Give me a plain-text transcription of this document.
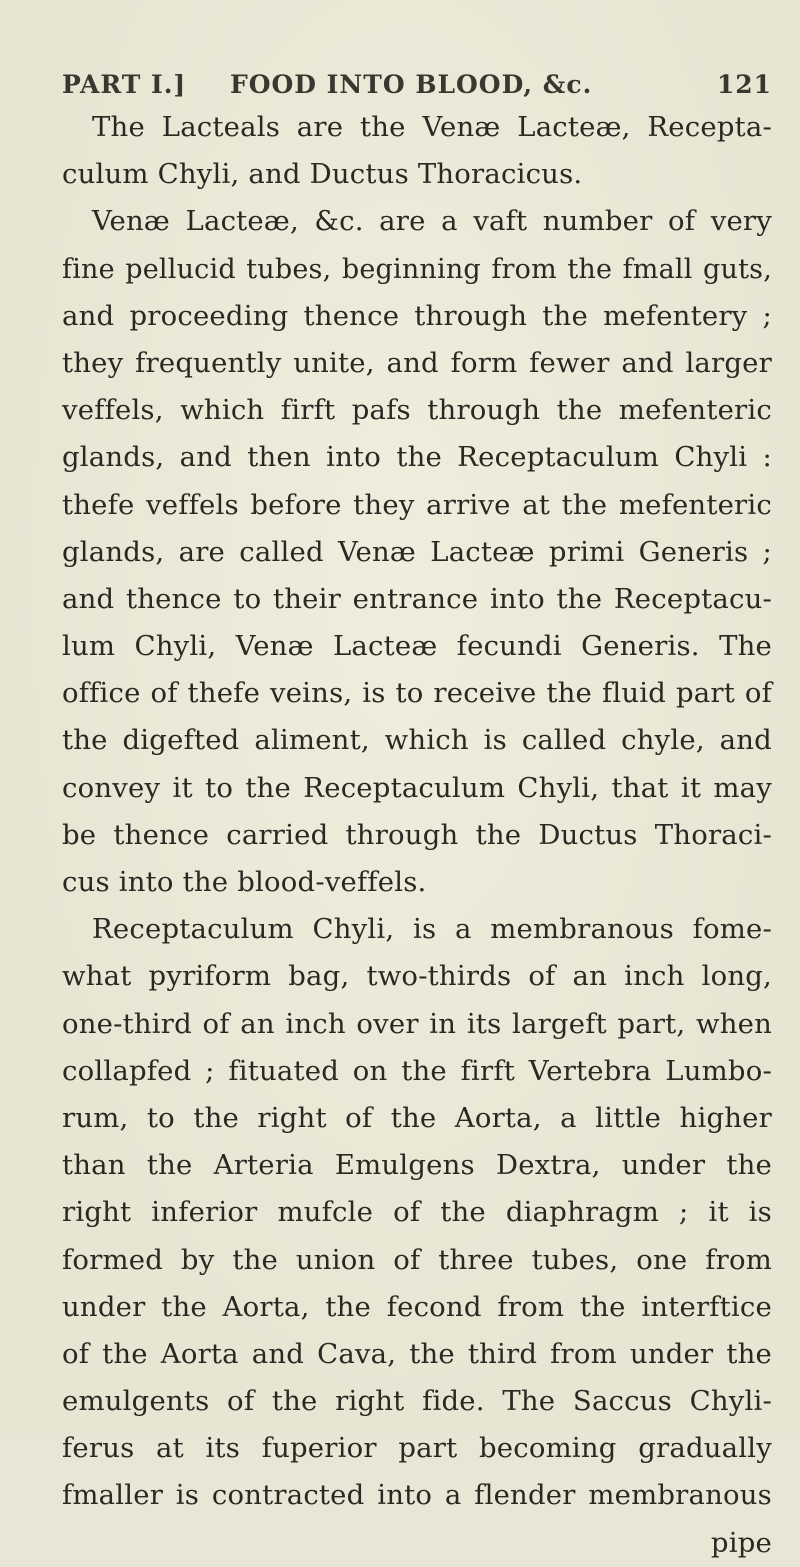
PART I.] FOOD INTO BLOOD, &c.	121
The Lacteals are the Venæ Lacteæ, Recepta-
culum Chyli, and Ductus Thoracicus.
Venæ Lacteæ, &c. are a vaft number of very
fine pellucid tubes, beginning from the fmall guts,
and proceeding thence through the mefentery ;
they frequently unite, and form fewer and larger
veffels, which firft pafs through the mefenteric
glands, and then into the Receptaculum Chyli :
thefe veffels before they arrive at the mefenteric
glands, are called Venæ Lacteæ primi Generis ;
and thence to their entrance into the Receptacu-
lum Chyli, Venæ Lacteæ fecundi Generis. The
office of thefe veins, is to receive the fluid part of
the digefted aliment, which is called chyle, and
convey it to the Receptaculum Chyli, that it may
be thence carried through the Ductus Thoraci-
cus into the blood-veffels.
Receptaculum Chyli, is a membranous fome-
what pyriform bag, two-thirds of an inch long,
one-third of an inch over in its largeft part, when
collapfed ; fituated on the firft Vertebra Lumbo-
rum, to the right of the Aorta, a little higher
than the Arteria Emulgens Dextra, under the
right inferior mufcle of the diaphragm ; it is
formed by the union of three tubes, one from
under the Aorta, the fecond from the interftice
of the Aorta and Cava, the third from under the
emulgents of the right fide. The Saccus Chyli-
ferus at its fuperior part becoming gradually
fmaller is contracted into a flender membranous
pipe
